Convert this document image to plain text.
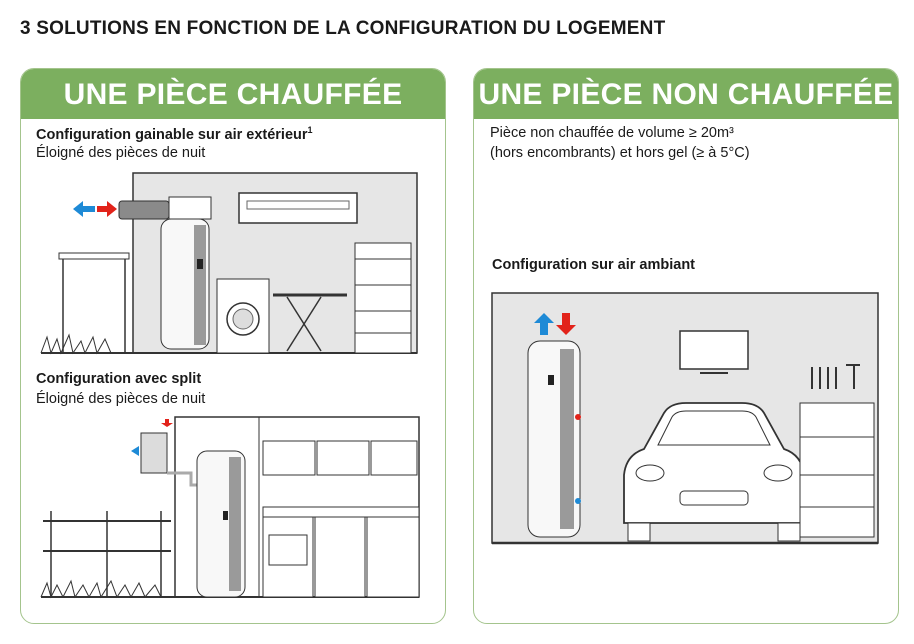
3 SOLUTIONS EN FONCTION DE LA CONFIGURATION DU LOGEMENT
UNE PIÈCE CHAUFFÉE
Configuration gainable sur air extérieur$^1$
Éloigné des pièces de nuit
Configuration avec split
Éloigné des pièces de nuit
UNE PIÈCE NON CHAUFFÉE
Pièce non chauffée de volume ≥ 20m³
(hors encombrants) et hors gel (≥ à 5°C)
Configuration sur air ambiant
